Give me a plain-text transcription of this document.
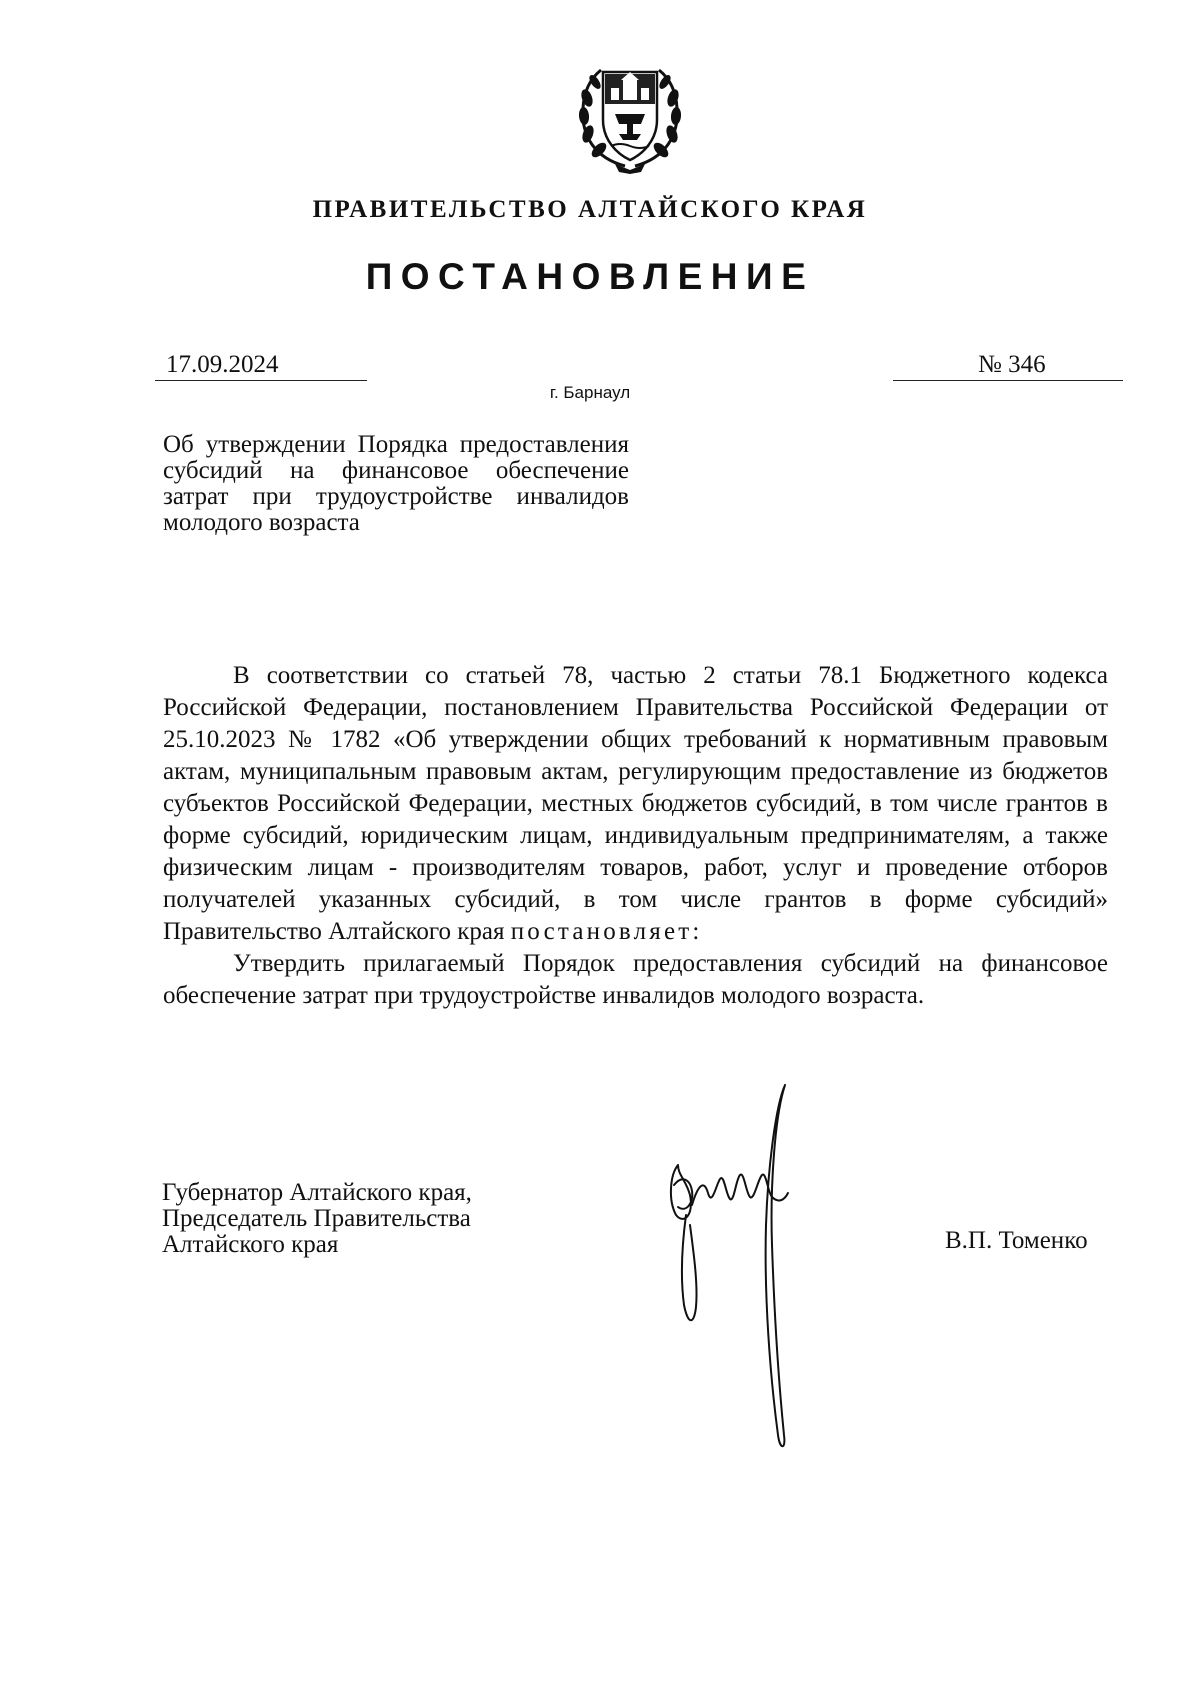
ПРАВИТЕЛЬСТВО АЛТАЙСКОГО КРАЯ
ПОСТАНОВЛЕНИЕ
17.09.2024	№ 346
г. Барнаул
Об утверждении Порядка предоставления субсидий на финансовое обеспечение затрат при трудоустройстве инвалидов молодого возраста

В соответствии со статьей 78, частью 2 статьи 78.1 Бюджетного кодекса Российской Федерации, постановлением Правительства Российской Федерации от 25.10.2023 № 1782 «Об утверждении общих требований к нормативным правовым актам, муниципальным правовым актам, регулирующим предоставление из бюджетов субъектов Российской Федерации, местных бюджетов субсидий, в том числе грантов в форме субсидий, юридическим лицам, индивидуальным предпринимателям, а также физическим лицам - производителям товаров, работ, услуг и проведение отборов получателей указанных субсидий, в том числе грантов в форме субсидий» Правительство Алтайского края постановляет:

Утвердить прилагаемый Порядок предоставления субсидий на финансовое обеспечение затрат при трудоустройстве инвалидов молодого возраста.

Губернатор Алтайского края,
Председатель Правительства
Алтайского края	В.П. Томенко
